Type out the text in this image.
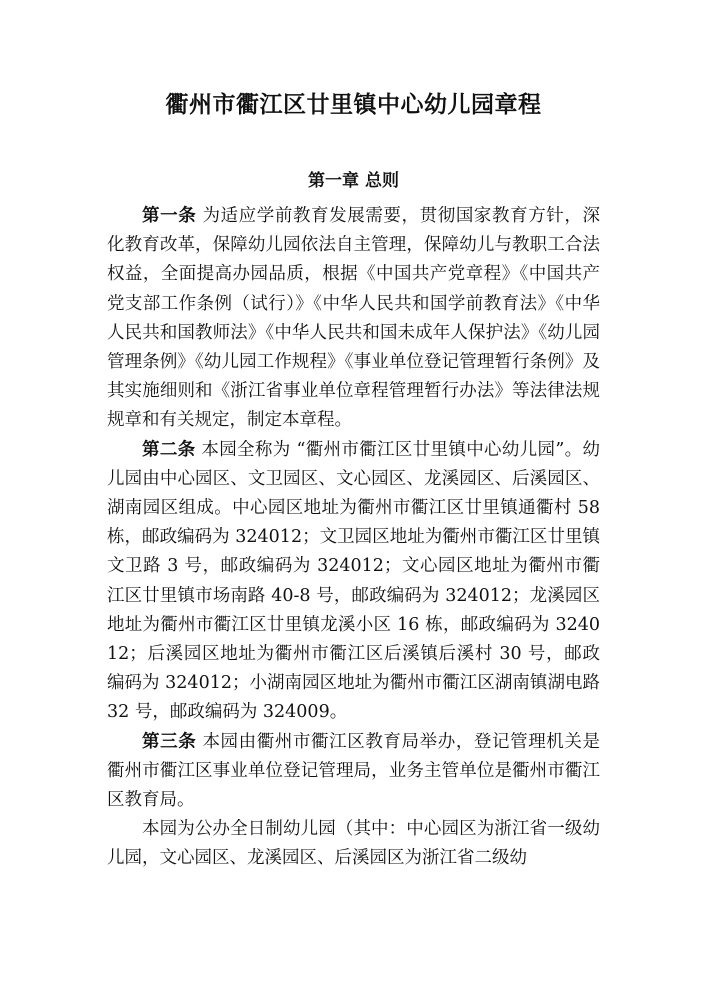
衢州市衢江区廿里镇中心幼儿园章程
第一章 总则

第一条 为适应学前教育发展需要，贯彻国家教育方针，深化教育改革，保障幼儿园依法自主管理，保障幼儿与教职工合法权益，全面提高办园品质，根据《中国共产党章程》《中国共产党支部工作条例（试行）》《中华人民共和国学前教育法》《中华人民共和国教师法》《中华人民共和国未成年人保护法》《幼儿园管理条例》《幼儿园工作规程》《事业单位登记管理暂行条例》及其实施细则和《浙江省事业单位章程管理暂行办法》等法律法规规章和有关规定，制定本章程。

第二条 本园全称为 “衢州市衢江区廿里镇中心幼儿园”。幼儿园由中心园区、文卫园区、文心园区、龙溪园区、后溪园区、湖南园区组成。中心园区地址为衢州市衢江区廿里镇通衢村 58 栋，邮政编码为 324012；文卫园区地址为衢州市衢江区廿里镇文卫路 3 号，邮政编码为 324012；文心园区地址为衢州市衢江区廿里镇市场南路 40-8 号，邮政编码为 324012；龙溪园区地址为衢州市衢江区廿里镇龙溪小区 16 栋，邮政编码为 324012；后溪园区地址为衢州市衢江区后溪镇后溪村 30 号，邮政编码为 324012；小湖南园区地址为衢州市衢江区湖南镇湖电路 32 号，邮政编码为 324009。

第三条 本园由衢州市衢江区教育局举办，登记管理机关是衢州市衢江区事业单位登记管理局，业务主管单位是衢州市衢江区教育局。

本园为公办全日制幼儿园（其中：中心园区为浙江省一级幼儿园，文心园区、龙溪园区、后溪园区为浙江省二级幼
